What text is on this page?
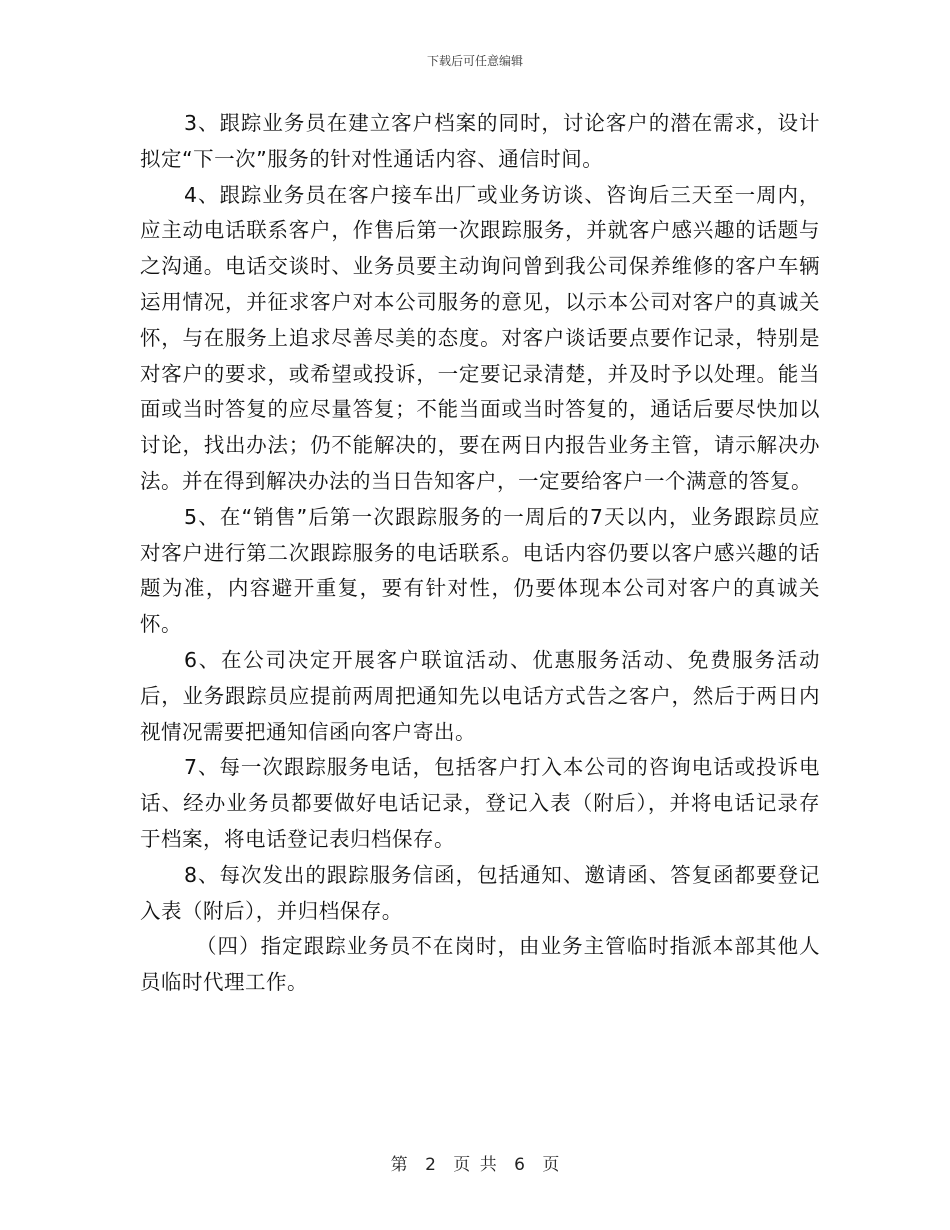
下载后可任意编辑

3、跟踪业务员在建立客户档案的同时，讨论客户的潜在需求，设计拟定“下一次”服务的针对性通话内容、通信时间。

4、跟踪业务员在客户接车出厂或业务访谈、咨询后三天至一周内，应主动电话联系客户，作售后第一次跟踪服务，并就客户感兴趣的话题与之沟通。电话交谈时、业务员要主动询问曾到我公司保养维修的客户车辆运用情况，并征求客户对本公司服务的意见，以示本公司对客户的真诚关怀，与在服务上追求尽善尽美的态度。对客户谈话要点要作记录，特别是对客户的要求，或希望或投诉，一定要记录清楚，并及时予以处理。能当面或当时答复的应尽量答复；不能当面或当时答复的，通话后要尽快加以讨论，找出办法；仍不能解决的，要在两日内报告业务主管，请示解决办法。并在得到解决办法的当日告知客户，一定要给客户一个满意的答复。

5、在“销售”后第一次跟踪服务的一周后的7天以内，业务跟踪员应对客户进行第二次跟踪服务的电话联系。电话内容仍要以客户感兴趣的话题为准，内容避开重复，要有针对性，仍要体现本公司对客户的真诚关怀。

6、在公司决定开展客户联谊活动、优惠服务活动、免费服务活动后，业务跟踪员应提前两周把通知先以电话方式告之客户，然后于两日内视情况需要把通知信函向客户寄出。

7、每一次跟踪服务电话，包括客户打入本公司的咨询电话或投诉电话、经办业务员都要做好电话记录，登记入表（附后），并将电话记录存于档案，将电话登记表归档保存。

8、每次发出的跟踪服务信函，包括通知、邀请函、答复函都要登记入表（附后），并归档保存。

（四）指定跟踪业务员不在岗时，由业务主管临时指派本部其他人员临时代理工作。

第 2 页 共 6 页
